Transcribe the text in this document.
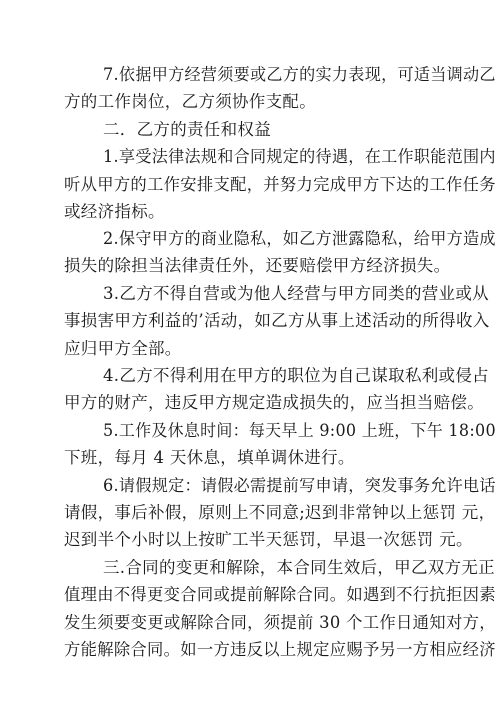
7.依据甲方经营须要或乙方的实力表现，可适当调动乙
方的工作岗位，乙方须协作支配。
二．乙方的责任和权益
1.享受法律法规和合同规定的待遇，在工作职能范围内
听从甲方的工作安排支配，并努力完成甲方下达的工作任务
或经济指标。
2.保守甲方的商业隐私，如乙方泄露隐私，给甲方造成
损失的除担当法律责任外，还要赔偿甲方经济损失。
3.乙方不得自营或为他人经营与甲方同类的营业或从
事损害甲方利益的’活动，如乙方从事上述活动的所得收入
应归甲方全部。
4.乙方不得利用在甲方的职位为自己谋取私利或侵占
甲方的财产，违反甲方规定造成损失的，应当担当赔偿。
5.工作及休息时间：每天早上 9:00 上班，下午 18:00
下班，每月 4 天休息，填单调休进行。
6.请假规定：请假必需提前写申请，突发事务允许电话
请假，事后补假，原则上不同意;迟到非常钟以上惩罚 元，
迟到半个小时以上按旷工半天惩罚，早退一次惩罚 元。
三.合同的变更和解除，本合同生效后，甲乙双方无正
值理由不得更变合同或提前解除合同。如遇到不行抗拒因素
发生须要变更或解除合同，须提前 30 个工作日通知对方，
方能解除合同。如一方违反以上规定应赐予另一方相应经济
